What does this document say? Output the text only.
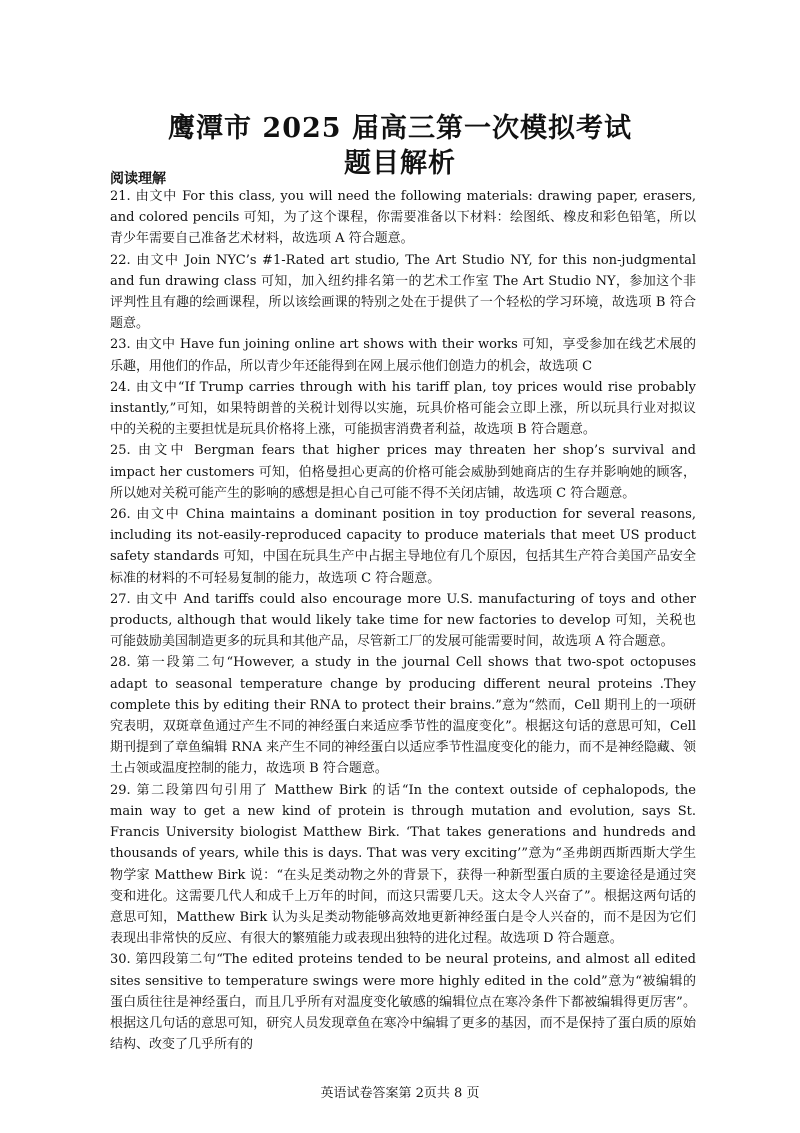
鹰潭市 2025 届高三第一次模拟考试
题目解析
阅读理解

21. 由文中 For this class, you will need the following materials: drawing paper, erasers, and colored pencils 可知，为了这个课程，你需要准备以下材料：绘图纸、橡皮和彩色铅笔，所以青少年需要自己准备艺术材料，故选项 A 符合题意。

22. 由文中 Join NYC’s #1-Rated art studio, The Art Studio NY, for this non-judgmental and fun drawing class 可知，加入纽约排名第一的艺术工作室 The Art Studio NY，参加这个非评判性且有趣的绘画课程，所以该绘画课的特别之处在于提供了一个轻松的学习环境，故选项 B 符合题意。

23. 由文中 Have fun joining online art shows with their works 可知，享受参加在线艺术展的乐趣，用他们的作品，所以青少年还能得到在网上展示他们创造力的机会，故选项 C

24. 由文中“If Trump carries through with his tariff plan, toy prices would rise probably instantly,”可知，如果特朗普的关税计划得以实施，玩具价格可能会立即上涨，所以玩具行业对拟议中的关税的主要担忧是玩具价格将上涨，可能损害消费者利益，故选项 B 符合题意。

25. 由文中 Bergman fears that higher prices may threaten her shop’s survival and impact her customers 可知，伯格曼担心更高的价格可能会威胁到她商店的生存并影响她的顾客，所以她对关税可能产生的影响的感想是担心自己可能不得不关闭店铺，故选项 C 符合题意。

26. 由文中 China maintains a dominant position in toy production for several reasons, including its not-easily-reproduced capacity to produce materials that meet US product safety standards 可知，中国在玩具生产中占据主导地位有几个原因，包括其生产符合美国产品安全标准的材料的不可轻易复制的能力，故选项 C 符合题意。

27. 由文中 And tariffs could also encourage more U.S. manufacturing of toys and other products, although that would likely take time for new factories to develop 可知，关税也可能鼓励美国制造更多的玩具和其他产品，尽管新工厂的发展可能需要时间，故选项 A 符合题意。

28. 第一段第二句“However, a study in the journal Cell shows that two-spot octopuses adapt to seasonal temperature change by producing different neural proteins .They complete this by editing their RNA to protect their brains.”意为“然而，Cell 期刊上的一项研究表明，双斑章鱼通过产生不同的神经蛋白来适应季节性的温度变化”。根据这句话的意思可知，Cell 期刊提到了章鱼编辑 RNA 来产生不同的神经蛋白以适应季节性温度变化的能力，而不是神经隐藏、领土占领或温度控制的能力，故选项 B 符合题意。

29. 第二段第四句引用了 Matthew Birk 的话“In the context outside of cephalopods, the main way to get a new kind of protein is through mutation and evolution, says St. Francis University biologist Matthew Birk. ‘That takes generations and hundreds and thousands of years, while this is days. That was very exciting’”意为“圣弗朗西斯西斯大学生物学家 Matthew Birk 说：“在头足类动物之外的背景下，获得一种新型蛋白质的主要途径是通过突变和进化。这需要几代人和成千上万年的时间，而这只需要几天。这太令人兴奋了”。根据这两句话的意思可知，Matthew Birk 认为头足类动物能够高效地更新神经蛋白是令人兴奋的，而不是因为它们表现出非常快的反应、有很大的繁殖能力或表现出独特的进化过程。故选项 D 符合题意。

30. 第四段第二句“The edited proteins tended to be neural proteins, and almost all edited sites sensitive to temperature swings were more highly edited in the cold”意为“被编辑的蛋白质往往是神经蛋白，而且几乎所有对温度变化敏感的编辑位点在寒冷条件下都被编辑得更厉害”。根据这几句话的意思可知，研究人员发现章鱼在寒冷中编辑了更多的基因，而不是保持了蛋白质的原始结构、改变了几乎所有的

英语试卷答案第 2页共 8 页
